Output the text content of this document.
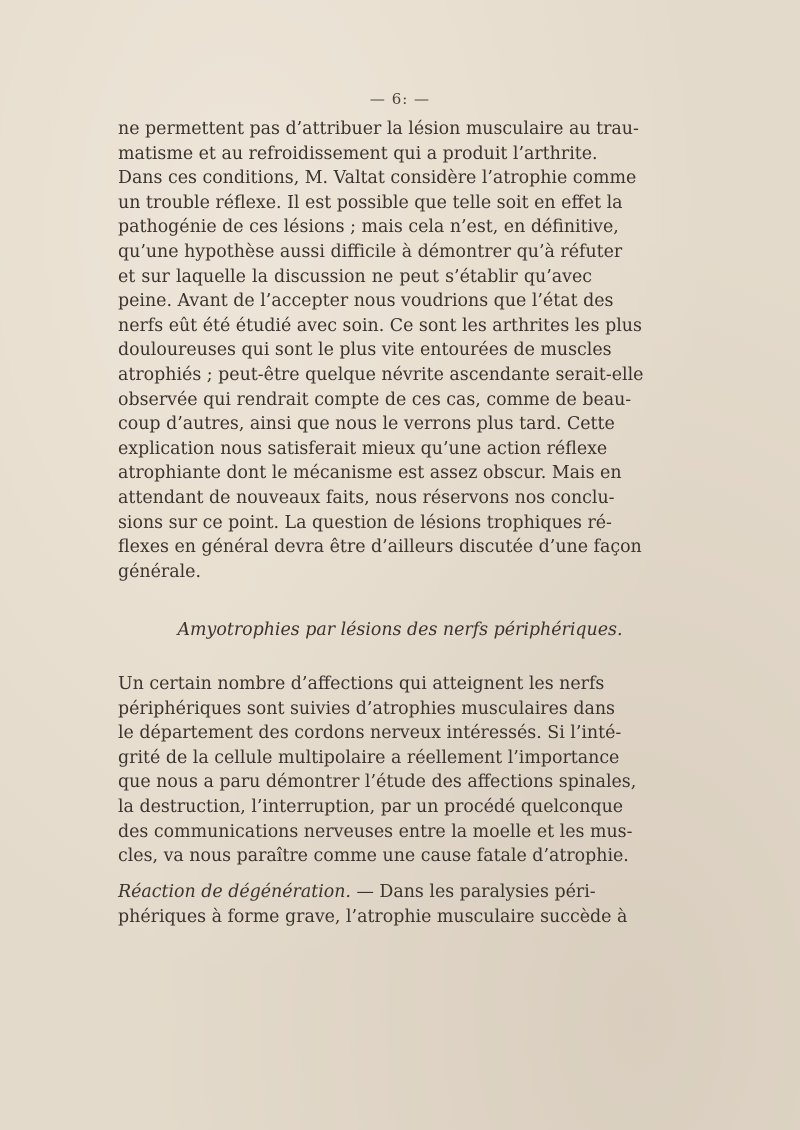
— 6: —
ne permettent pas d’attribuer la lésion musculaire au trau-
matisme et au refroidissement qui a produit l’arthrite.
Dans ces conditions, M. Valtat considère l’atrophie comme
un trouble réflexe. Il est possible que telle soit en effet la
pathogénie de ces lésions ; mais cela n’est, en définitive,
qu’une hypothèse aussi difficile à démontrer qu’à réfuter
et sur laquelle la discussion ne peut s’établir qu’avec
peine. Avant de l’accepter nous voudrions que l’état des
nerfs eût été étudié avec soin. Ce sont les arthrites les plus
douloureuses qui sont le plus vite entourées de muscles
atrophiés ; peut-être quelque névrite ascendante serait-elle
observée qui rendrait compte de ces cas, comme de beau-
coup d’autres, ainsi que nous le verrons plus tard. Cette
explication nous satisferait mieux qu’une action réflexe
atrophiante dont le mécanisme est assez obscur. Mais en
attendant de nouveaux faits, nous réservons nos conclu-
sions sur ce point. La question de lésions trophiques ré-
flexes en général devra être d’ailleurs discutée d’une façon
générale.
Amyotrophies par lésions des nerfs périphériques.
Un certain nombre d’affections qui atteignent les nerfs
périphériques sont suivies d’atrophies musculaires dans
le département des cordons nerveux intéressés. Si l’inté-
grité de la cellule multipolaire a réellement l’importance
que nous a paru démontrer l’étude des affections spinales,
la destruction, l’interruption, par un procédé quelconque
des communications nerveuses entre la moelle et les mus-
cles, va nous paraître comme une cause fatale d’atrophie.
Réaction de dégénération. — Dans les paralysies péri-
phériques à forme grave, l’atrophie musculaire succède à
